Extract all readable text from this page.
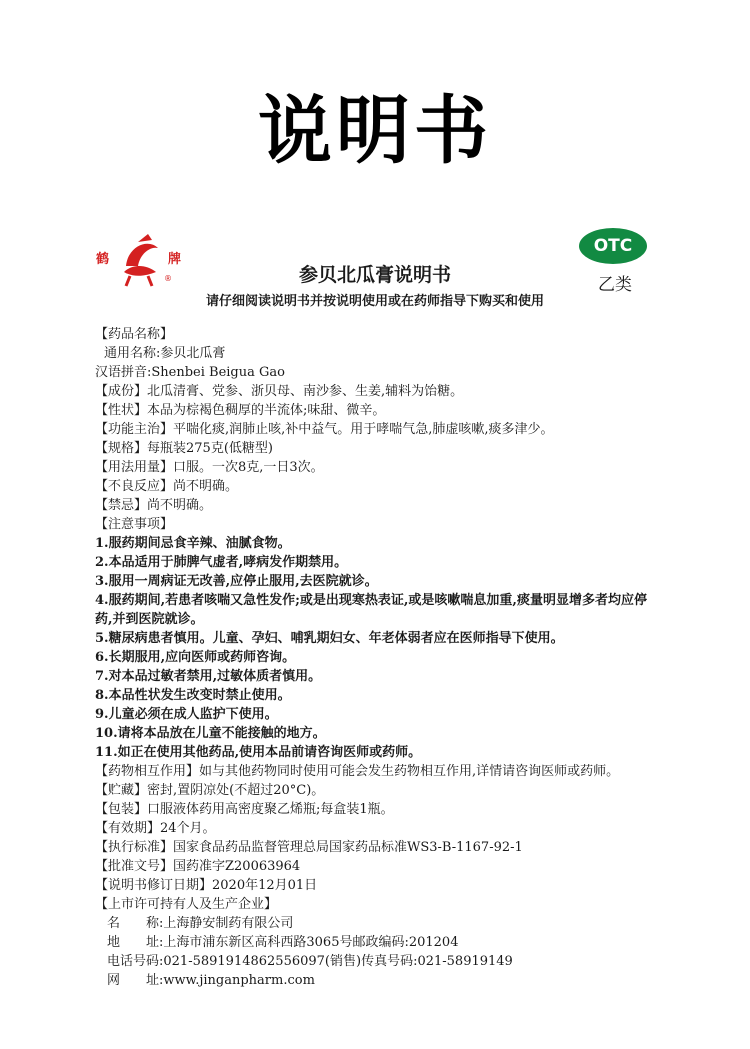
说明书
鹤	牌
®
OTC
乙类
参贝北瓜膏说明书
请仔细阅读说明书并按说明使用或在药师指导下购买和使用
【药品名称】
通用名称:参贝北瓜膏
汉语拼音:Shenbei Beigua Gao
【成份】北瓜清膏、党参、浙贝母、南沙参、生姜,辅料为饴糖。
【性状】本品为棕褐色稠厚的半流体;味甜、微辛。
【功能主治】平喘化痰,润肺止咳,补中益气。用于哮喘气急,肺虚咳嗽,痰多津少。
【规格】每瓶装275克(低糖型)
【用法用量】口服。一次8克,一日3次。
【不良反应】尚不明确。
【禁忌】尚不明确。
【注意事项】
1.服药期间忌食辛辣、油腻食物。
2.本品适用于肺脾气虚者,哮病发作期禁用。
3.服用一周病证无改善,应停止服用,去医院就诊。
4.服药期间,若患者咳喘又急性发作;或是出现寒热表证,或是咳嗽喘息加重,痰量明显增多者均应停药,并到医院就诊。
5.糖尿病患者慎用。儿童、孕妇、哺乳期妇女、年老体弱者应在医师指导下使用。
6.长期服用,应向医师或药师咨询。
7.对本品过敏者禁用,过敏体质者慎用。
8.本品性状发生改变时禁止使用。
9.儿童必须在成人监护下使用。
10.请将本品放在儿童不能接触的地方。
11.如正在使用其他药品,使用本品前请咨询医师或药师。
【药物相互作用】如与其他药物同时使用可能会发生药物相互作用,详情请咨询医师或药师。
【贮藏】密封,置阴凉处(不超过20°C)。
【包装】口服液体药用高密度聚乙烯瓶;每盒装1瓶。
【有效期】24个月。
【执行标准】国家食品药品监督管理总局国家药品标准WS3-B-1167-92-1
【批准文号】国药准字Z20063964
【说明书修订日期】2020年12月01日
【上市许可持有人及生产企业】
名　　称:上海静安制药有限公司
地　　址:上海市浦东新区高科西路3065号邮政编码:201204
电话号码:021-5891914862556097(销售)传真号码:021-58919149
网　　址:www.jinganpharm.com
